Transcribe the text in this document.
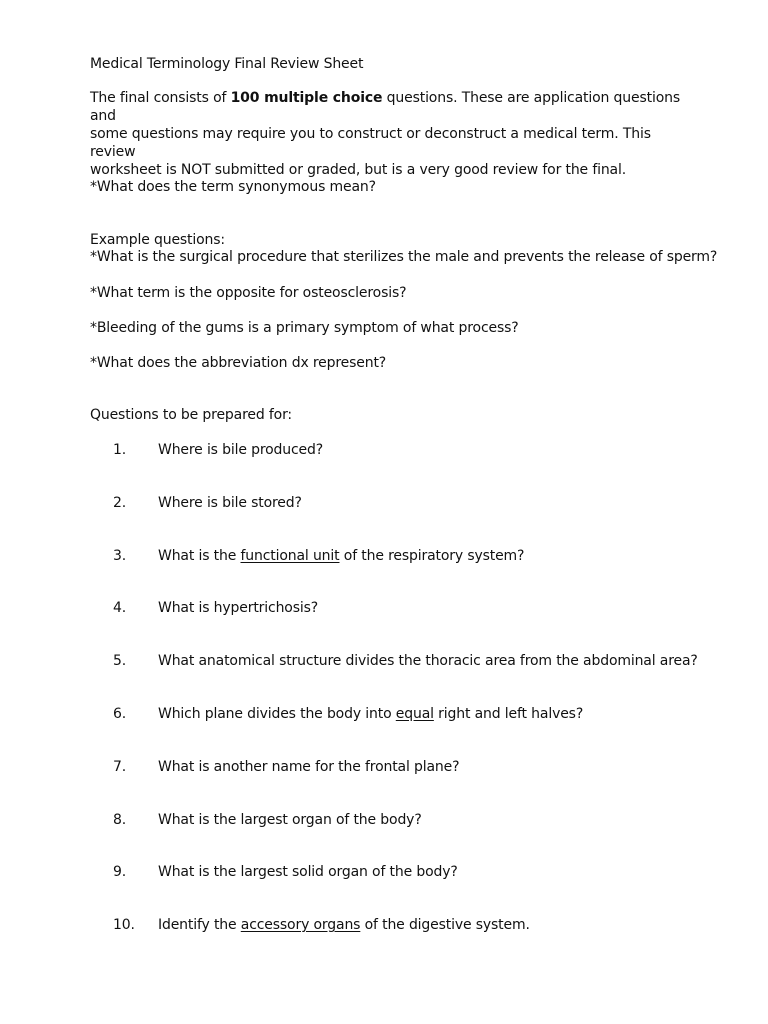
Medical Terminology Final Review Sheet
The final consists of 100 multiple choice questions. These are application questions and
some questions may require you to construct or deconstruct a medical term. This review
worksheet is NOT submitted or graded, but is a very good review for the final.
*What does the term synonymous mean?
Example questions:
*What is the surgical procedure that sterilizes the male and prevents the release of sperm?
*What term is the opposite for osteosclerosis?
*Bleeding of the gums is a primary symptom of what process?
*What does the abbreviation dx represent?
Questions to be prepared for:
1. Where is bile produced?
2. Where is bile stored?
3. What is the functional unit of the respiratory system?
4. What is hypertrichosis?
5. What anatomical structure divides the thoracic area from the abdominal area?
6. Which plane divides the body into equal right and left halves?
7. What is another name for the frontal plane?
8. What is the largest organ of the body?
9. What is the largest solid organ of the body?
10. Identify the accessory organs of the digestive system.
